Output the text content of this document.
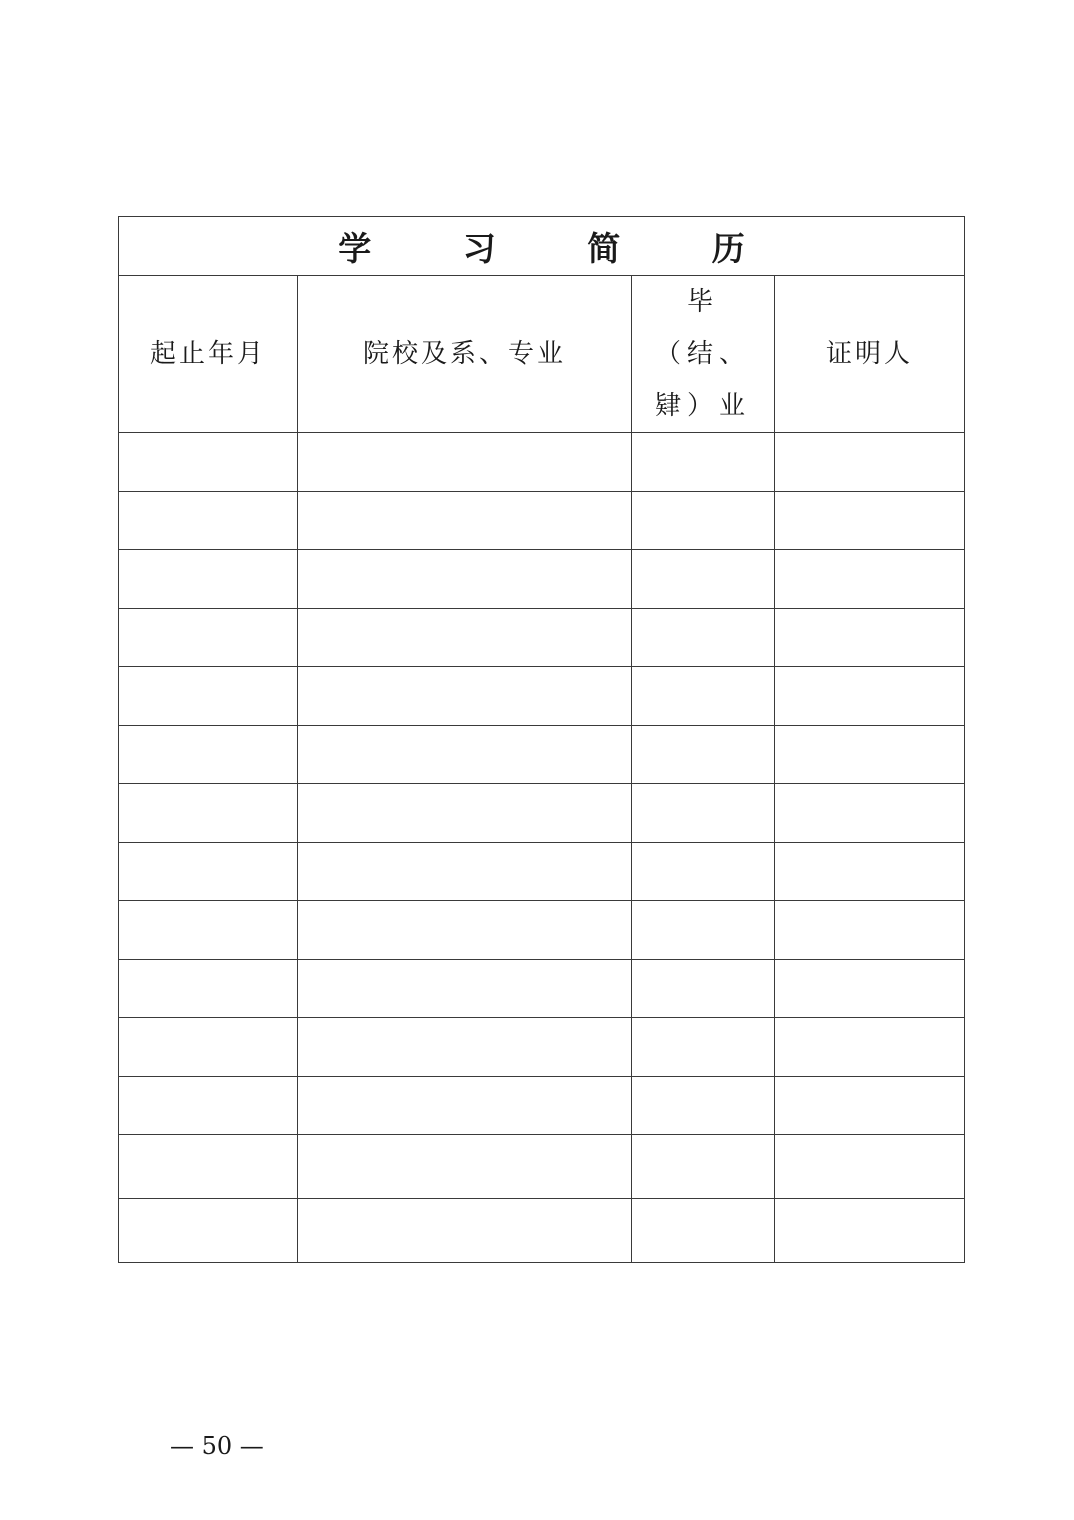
学 习 简 历			
起止年月	院校及系、专业	毕（结、肄）业	证明人

— 50 —
